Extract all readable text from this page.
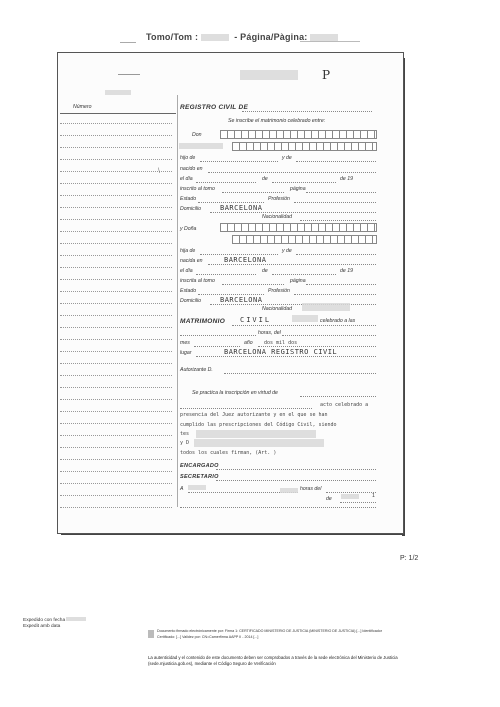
Tomo/Tom :	- Página/Pàgina:
P
Número
\
REGISTRO CIVIL DE
Se inscribe el matrimonio celebrado entre:
Don
hijo de	y de
nacido en
el día	de	de 19
inscrito al tomo	página
Estado	Profesión
Domicilio	BARCELONA
Nacionalidad
y Doña
hija de	y de
nacida en	BARCELONA
el día	de	de 19
inscrita al tomo	página
Estado	Profesión
Domicilio	BARCELONA
Nacionalidad
MATRIMONIO CIVIL	celebrado a las
horas, del
mes	año dos mil dos
lugar	BARCELONA REGISTRO CIVIL
Autorizante D.
Se practica la inscripción en virtud de
acto celebrado a
presencia del Juez autorizante y en el que se han
cumplido las prescripciones del Código Civil, siendo
tes
y D
todos los cuales firman, (Art. )
ENCARGADO
SECRETARIO
A	horas del
de	1
P: 1/2
Expedido con fecha
Expedit amb data
Documento firmado electrónicamente por: Firma 1: CERTIFICADO MINISTERIO DE JUSTICIA (MINISTERIO DE JUSTICIA) [...] Identificador Certificado: [...] Validez por: CN=Camerfirma AAPP II - 2014 [...]
La autenticidad y el contenido de este documento deben ser comprobados a través de la sede electrónica del Ministerio de Justicia (sede.mjusticia.gob.es), mediante el Código Seguro de Verificación
